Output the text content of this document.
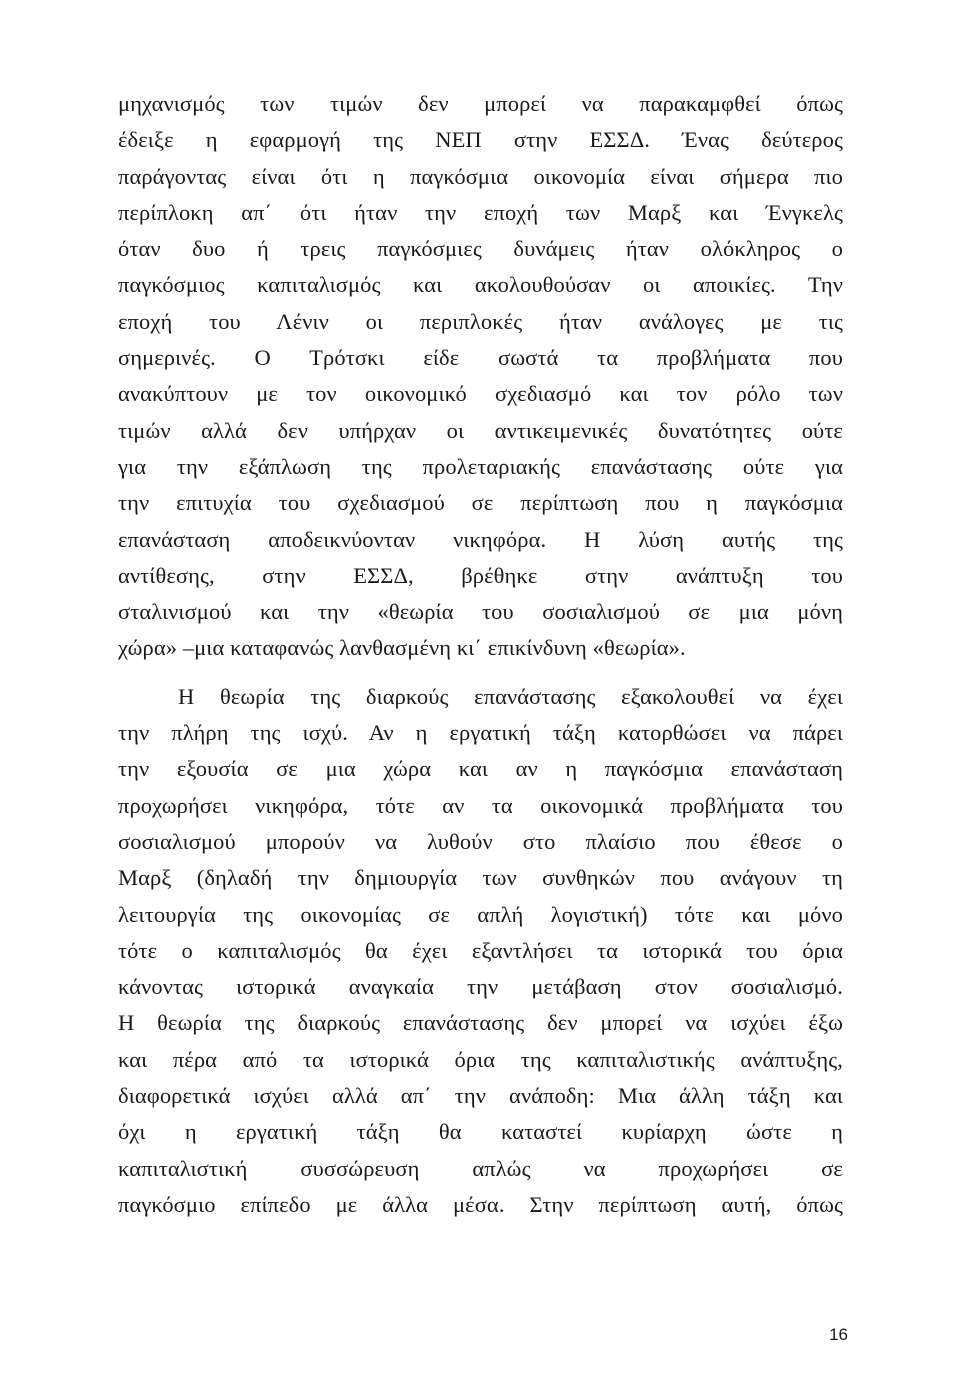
μηχανισμός των τιμών δεν μπορεί να παρακαμφθεί όπως
έδειξε η εφαρμογή της ΝΕΠ στην ΕΣΣΔ. Ένας δεύτερος
παράγοντας είναι ότι η παγκόσμια οικονομία είναι σήμερα πιο
περίπλοκη απ΄ ότι ήταν την εποχή των Μαρξ και Ένγκελς
όταν δυο ή τρεις παγκόσμιες δυνάμεις ήταν ολόκληρος ο
παγκόσμιος καπιταλισμός και ακολουθούσαν οι αποικίες. Την
εποχή του Λένιν οι περιπλοκές ήταν ανάλογες με τις
σημερινές. Ο Τρότσκι είδε σωστά τα προβλήματα που
ανακύπτουν με τον οικονομικό σχεδιασμό και τον ρόλο των
τιμών αλλά δεν υπήρχαν οι αντικειμενικές δυνατότητες ούτε
για την εξάπλωση της προλεταριακής επανάστασης ούτε για
την επιτυχία του σχεδιασμού σε περίπτωση που η παγκόσμια
επανάσταση αποδεικνύονταν νικηφόρα. Η λύση αυτής της
αντίθεσης, στην ΕΣΣΔ, βρέθηκε στην ανάπτυξη του
σταλινισμού και την «θεωρία του σοσιαλισμού σε μια μόνη
χώρα» –μια καταφανώς λανθασμένη κι΄ επικίνδυνη «θεωρία».
Η θεωρία της διαρκούς επανάστασης εξακολουθεί να έχει
την πλήρη της ισχύ. Αν η εργατική τάξη κατορθώσει να πάρει
την εξουσία σε μια χώρα και αν η παγκόσμια επανάσταση
προχωρήσει νικηφόρα, τότε αν τα οικονομικά προβλήματα του
σοσιαλισμού μπορούν να λυθούν στο πλαίσιο που έθεσε ο
Μαρξ (δηλαδή την δημιουργία των συνθηκών που ανάγουν τη
λειτουργία της οικονομίας σε απλή λογιστική) τότε και μόνο
τότε ο καπιταλισμός θα έχει εξαντλήσει τα ιστορικά του όρια
κάνοντας ιστορικά αναγκαία την μετάβαση στον σοσιαλισμό.
Η θεωρία της διαρκούς επανάστασης δεν μπορεί να ισχύει έξω
και πέρα από τα ιστορικά όρια της καπιταλιστικής ανάπτυξης,
διαφορετικά ισχύει αλλά απ΄ την ανάποδη: Μια άλλη τάξη και
όχι η εργατική τάξη θα καταστεί κυρίαρχη ώστε η
καπιταλιστική συσσώρευση απλώς να προχωρήσει σε
παγκόσμιο επίπεδο με άλλα μέσα. Στην περίπτωση αυτή, όπως
16
